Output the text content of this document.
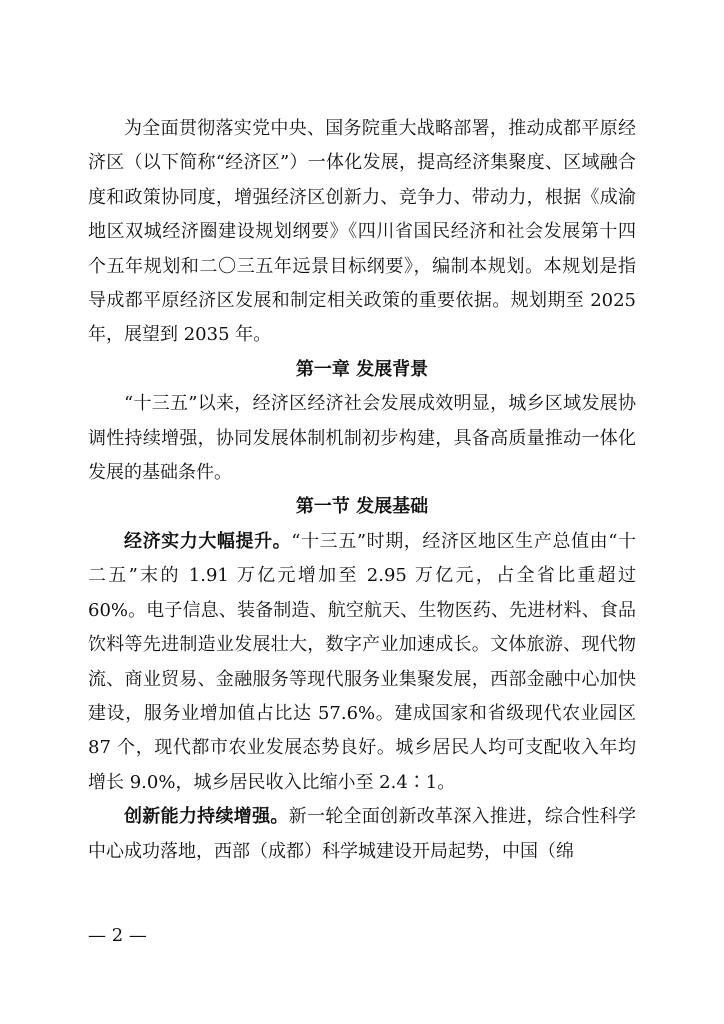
为全面贯彻落实党中央、国务院重大战略部署，推动成都平原经济区（以下简称“经济区”）一体化发展，提高经济集聚度、区域融合度和政策协同度，增强经济区创新力、竞争力、带动力，根据《成渝地区双城经济圈建设规划纲要》《四川省国民经济和社会发展第十四个五年规划和二〇三五年远景目标纲要》，编制本规划。本规划是指导成都平原经济区发展和制定相关政策的重要依据。规划期至 2025 年，展望到 2035 年。

第一章 发展背景

“十三五”以来，经济区经济社会发展成效明显，城乡区域发展协调性持续增强，协同发展体制机制初步构建，具备高质量推动一体化发展的基础条件。

第一节 发展基础

经济实力大幅提升。“十三五”时期，经济区地区生产总值由“十二五”末的 1.91 万亿元增加至 2.95 万亿元，占全省比重超过 60%。电子信息、装备制造、航空航天、生物医药、先进材料、食品饮料等先进制造业发展壮大，数字产业加速成长。文体旅游、现代物流、商业贸易、金融服务等现代服务业集聚发展，西部金融中心加快建设，服务业增加值占比达 57.6%。建成国家和省级现代农业园区 87 个，现代都市农业发展态势良好。城乡居民人均可支配收入年均增长 9.0%，城乡居民收入比缩小至 2.4∶1。

创新能力持续增强。新一轮全面创新改革深入推进，综合性科学中心成功落地，西部（成都）科学城建设开局起势，中国（绵

— 2 —
